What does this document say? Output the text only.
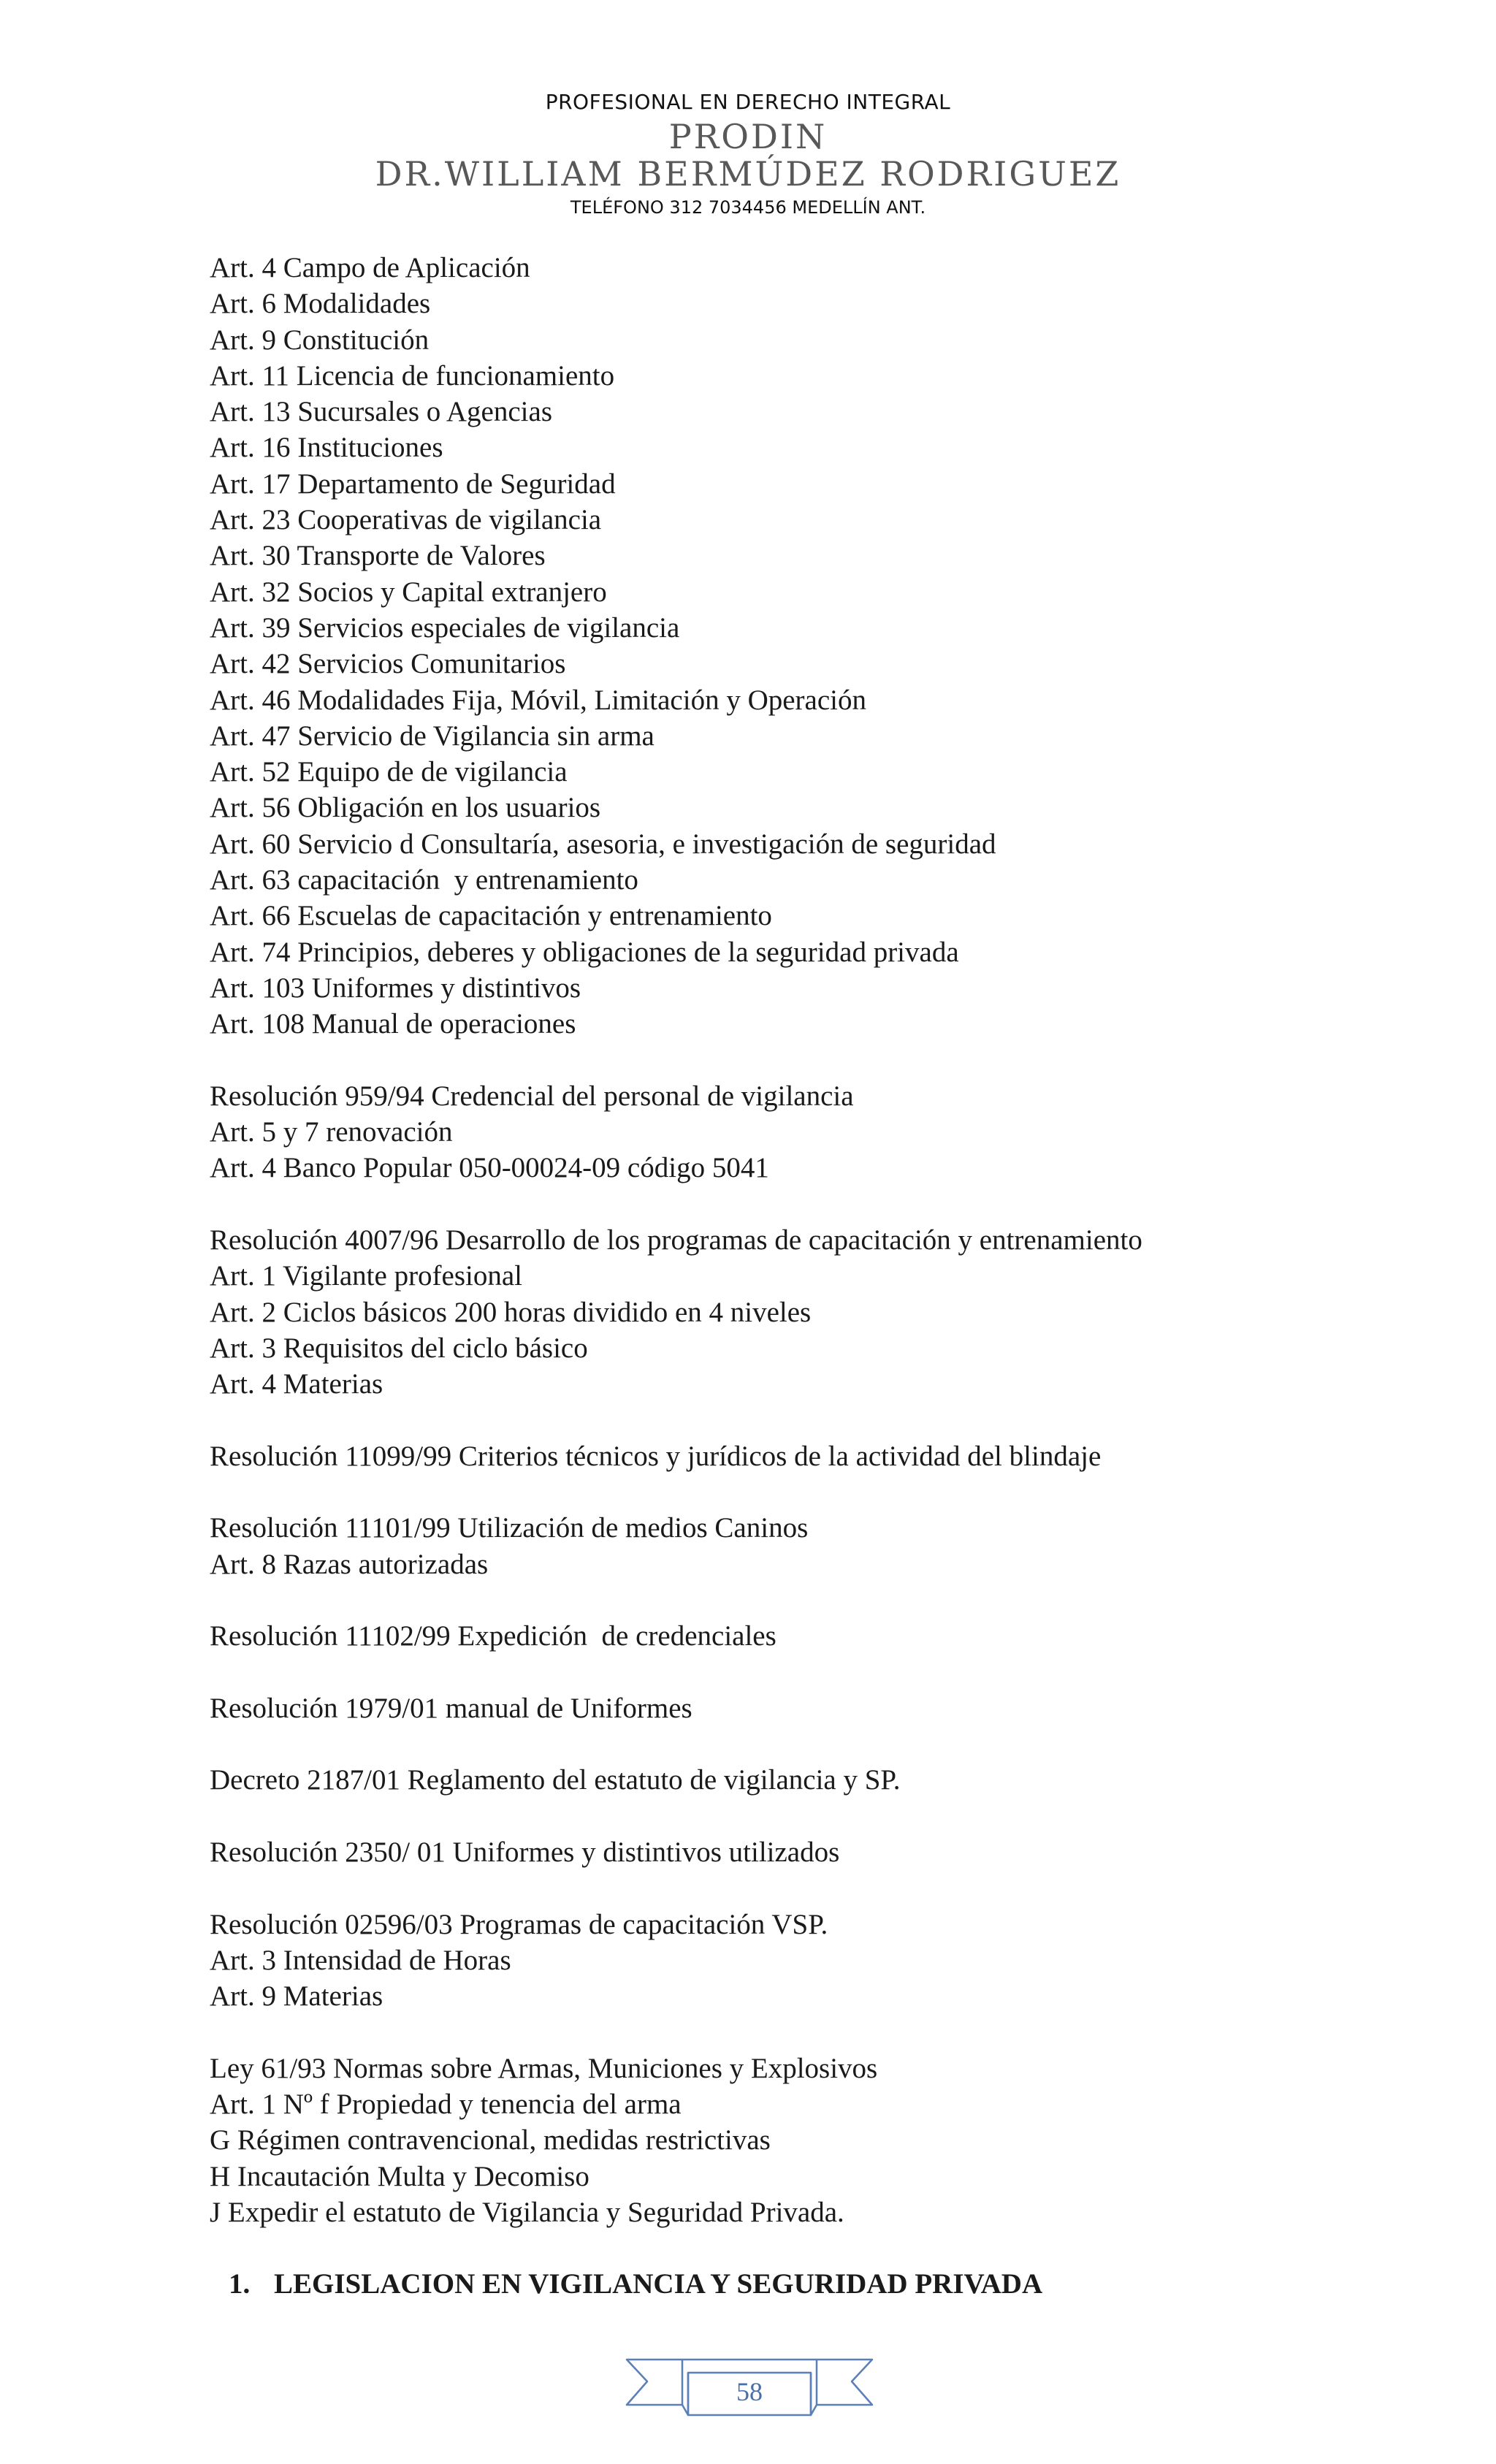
PROFESIONAL EN DERECHO INTEGRAL
PRODIN
DR.WILLIAM BERMÚDEZ RODRIGUEZ
TELÉFONO 312 7034456 MEDELLÍN ANT.
Art. 4 Campo de Aplicación
Art. 6 Modalidades
Art. 9 Constitución
Art. 11 Licencia de funcionamiento
Art. 13 Sucursales o Agencias
Art. 16 Instituciones
Art. 17 Departamento de Seguridad
Art. 23 Cooperativas de vigilancia
Art. 30 Transporte de Valores
Art. 32 Socios y Capital extranjero
Art. 39 Servicios especiales de vigilancia
Art. 42 Servicios Comunitarios
Art. 46 Modalidades Fija, Móvil, Limitación y Operación
Art. 47 Servicio de Vigilancia sin arma
Art. 52 Equipo de de vigilancia
Art. 56 Obligación en los usuarios
Art. 60 Servicio d Consultaría, asesoria, e investigación de seguridad
Art. 63 capacitación  y entrenamiento
Art. 66 Escuelas de capacitación y entrenamiento
Art. 74 Principios, deberes y obligaciones de la seguridad privada
Art. 103 Uniformes y distintivos
Art. 108 Manual de operaciones
Resolución 959/94 Credencial del personal de vigilancia
Art. 5 y 7 renovación
Art. 4 Banco Popular 050-00024-09 código 5041
Resolución 4007/96 Desarrollo de los programas de capacitación y entrenamiento
Art. 1 Vigilante profesional
Art. 2 Ciclos básicos 200 horas dividido en 4 niveles
Art. 3 Requisitos del ciclo básico
Art. 4 Materias
Resolución 11099/99 Criterios técnicos y jurídicos de la actividad del blindaje
Resolución 11101/99 Utilización de medios Caninos
Art. 8 Razas autorizadas
Resolución 11102/99 Expedición  de credenciales
Resolución 1979/01 manual de Uniformes
Decreto 2187/01 Reglamento del estatuto de vigilancia y SP.
Resolución 2350/ 01 Uniformes y distintivos utilizados
Resolución 02596/03 Programas de capacitación VSP.
Art. 3 Intensidad de Horas
Art. 9 Materias
Ley 61/93 Normas sobre Armas, Municiones y Explosivos
Art. 1 Nº f Propiedad y tenencia del arma
G Régimen contravencional, medidas restrictivas
H Incautación Multa y Decomiso
J Expedir el estatuto de Vigilancia y Seguridad Privada.
1. LEGISLACION EN VIGILANCIA Y SEGURIDAD PRIVADA
58
